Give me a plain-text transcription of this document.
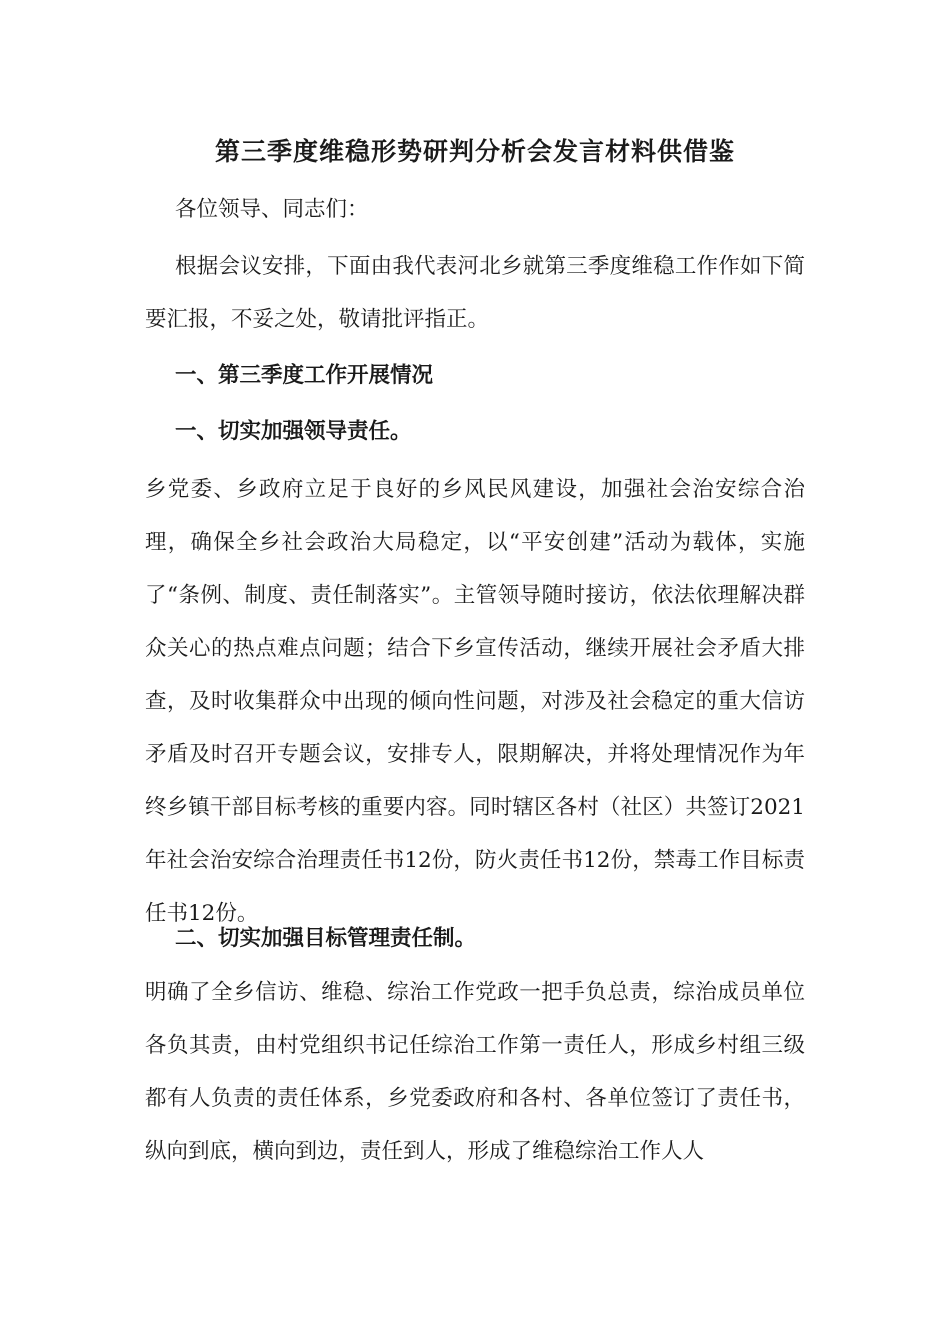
第三季度维稳形势研判分析会发言材料供借鉴

各位领导、同志们：

根据会议安排，下面由我代表河北乡就第三季度维稳工作作如下简要汇报，不妥之处，敬请批评指正。

一、第三季度工作开展情况

一、切实加强领导责任。

乡党委、乡政府立足于良好的乡风民风建设，加强社会治安综合治理，确保全乡社会政治大局稳定，以“平安创建”活动为载体，实施了“条例、制度、责任制落实”。主管领导随时接访，依法依理解决群众关心的热点难点问题；结合下乡宣传活动，继续开展社会矛盾大排查，及时收集群众中出现的倾向性问题，对涉及社会稳定的重大信访矛盾及时召开专题会议，安排专人，限期解决，并将处理情况作为年终乡镇干部目标考核的重要内容。同时辖区各村（社区）共签订2021年社会治安综合治理责任书12份，防火责任书12份，禁毒工作目标责任书12份。

二、切实加强目标管理责任制。

明确了全乡信访、维稳、综治工作党政一把手负总责，综治成员单位各负其责，由村党组织书记任综治工作第一责任人，形成乡村组三级都有人负责的责任体系，乡党委政府和各村、各单位签订了责任书，纵向到底，横向到边，责任到人，形成了维稳综治工作人人
